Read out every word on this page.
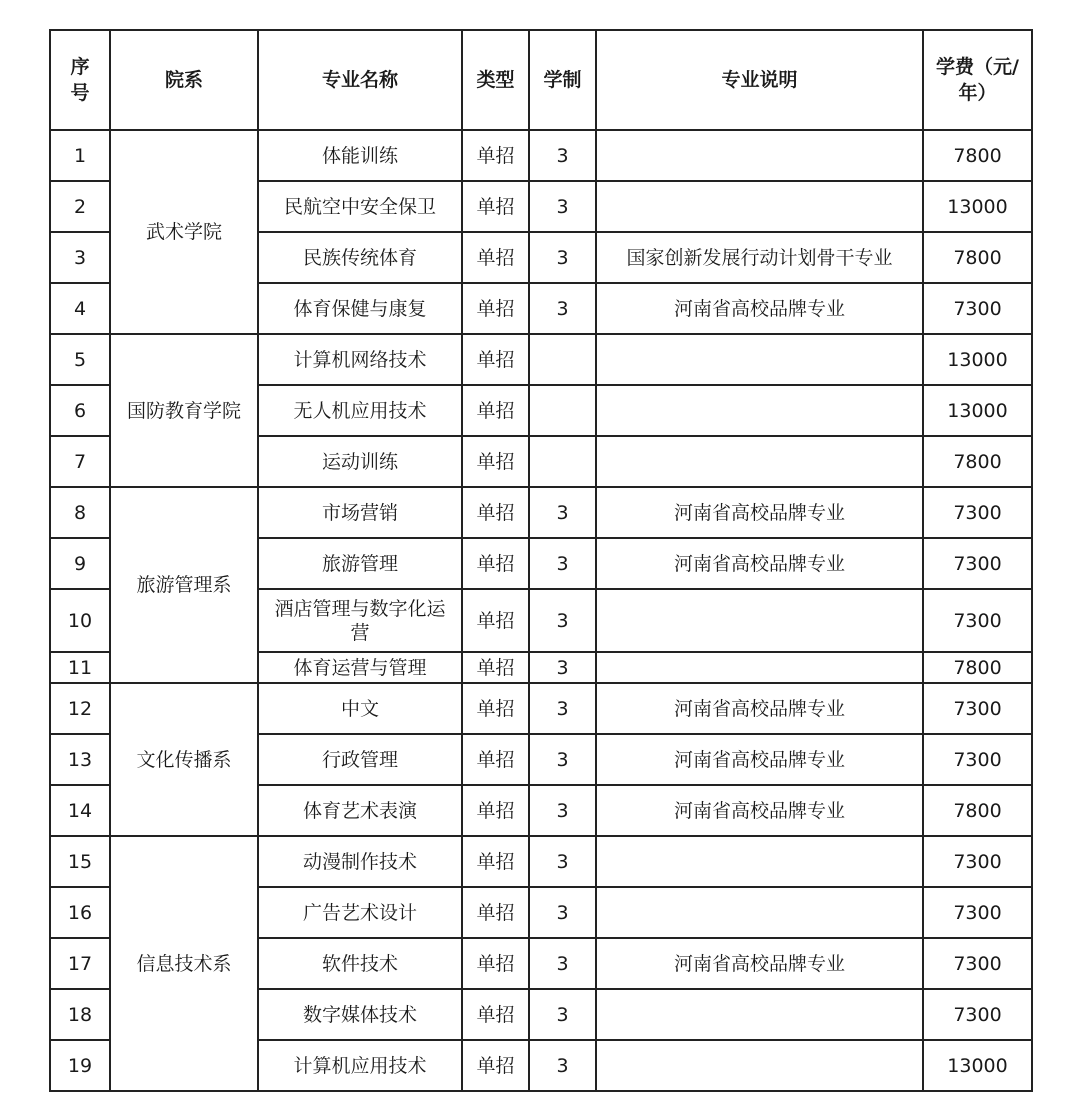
序号	院系	专业名称	类型	学制	专业说明	学费（元/年）
1	武术学院	体能训练	单招	3		7800
2		民航空中安全保卫	单招	3		13000
3		民族传统体育	单招	3	国家创新发展行动计划骨干专业	7800
4		体育保健与康复	单招	3	河南省高校品牌专业	7300
5	国防教育学院	计算机网络技术	单招			13000
6		无人机应用技术	单招			13000
7		运动训练	单招			7800
8	旅游管理系	市场营销	单招	3	河南省高校品牌专业	7300
9		旅游管理	单招	3	河南省高校品牌专业	7300
10		酒店管理与数字化运营	单招	3		7300
11		体育运营与管理	单招	3		7800
12	文化传播系	中文	单招	3	河南省高校品牌专业	7300
13		行政管理	单招	3	河南省高校品牌专业	7300
14		体育艺术表演	单招	3	河南省高校品牌专业	7800
15	信息技术系	动漫制作技术	单招	3		7300
16		广告艺术设计	单招	3		7300
17		软件技术	单招	3	河南省高校品牌专业	7300
18		数字媒体技术	单招	3		7300
19		计算机应用技术	单招	3		13000
